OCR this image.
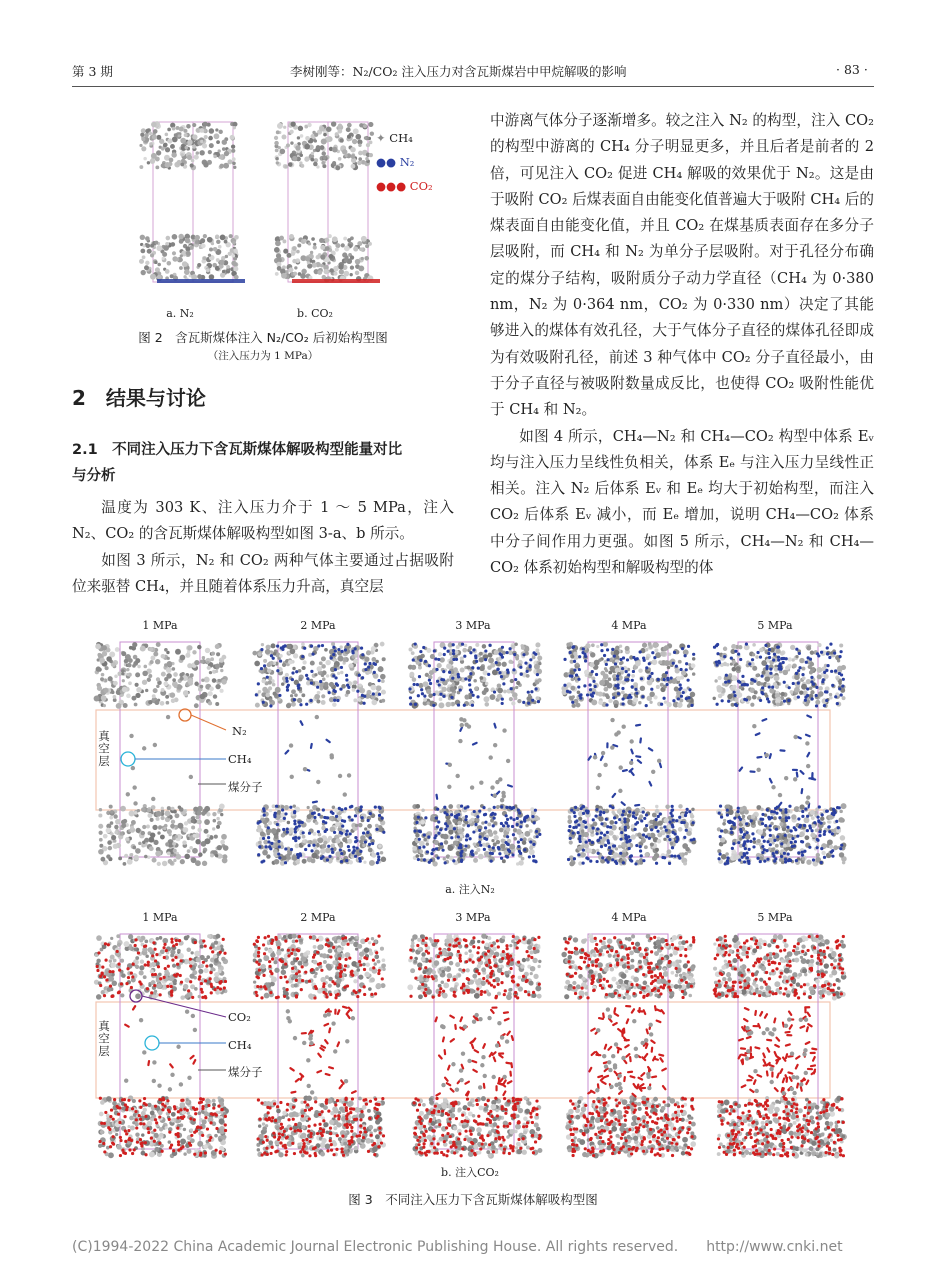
第 3 期	李树刚等：N₂/CO₂ 注入压力对含瓦斯煤岩中甲烷解吸的影响	· 83 ·
✦ CH₄
●● N₂
●●● CO₂
a. N₂	b. CO₂
图 2　含瓦斯煤体注入 N₂/CO₂ 后初始构型图
（注入压力为 1 MPa）
2　结果与讨论
2.1　不同注入压力下含瓦斯煤体解吸构型能量对比
与分析

温度为 303 K、注入压力介于 1 ～ 5 MPa，注入 N₂、CO₂ 的含瓦斯煤体解吸构型如图 3-a、b 所示。

如图 3 所示，N₂ 和 CO₂ 两种气体主要通过占据吸附位来驱替 CH₄，并且随着体系压力升高，真空层

中游离气体分子逐渐增多。较之注入 N₂ 的构型，注入 CO₂ 的构型中游离的 CH₄ 分子明显更多，并且后者是前者的 2 倍，可见注入 CO₂ 促进 CH₄ 解吸的效果优于 N₂。这是由于吸附 CO₂ 后煤表面自由能变化值普遍大于吸附 CH₄ 后的煤表面自由能变化值，并且 CO₂ 在煤基质表面存在多分子层吸附，而 CH₄ 和 N₂ 为单分子层吸附。对于孔径分布确定的煤分子结构，吸附质分子动力学直径（CH₄ 为 0·380 nm，N₂ 为 0·364 nm，CO₂ 为 0·330 nm）决定了其能够进入的煤体有效孔径，大于气体分子直径的煤体孔径即成为有效吸附孔径，前述 3 种气体中 CO₂ 分子直径最小，由于分子直径与被吸附数量成反比，也使得 CO₂ 吸附性能优于 CH₄ 和 N₂。

如图 4 所示，CH₄—N₂ 和 CH₄—CO₂ 构型中体系 Eᵥ 均与注入压力呈线性负相关，体系 Eₑ 与注入压力呈线性正相关。注入 N₂ 后体系 Eᵥ 和 Eₑ 均大于初始构型，而注入 CO₂ 后体系 Eᵥ 减小，而 Eₑ 增加，说明 CH₄—CO₂ 体系中分子间作用力更强。如图 5 所示，CH₄—N₂ 和 CH₄—CO₂ 体系初始构型和解吸构型的体

1 MPa	2 MPa	3 MPa	4 MPa	5 MPa
真空层	N₂
CH₄
煤分子
a. 注入N₂
1 MPa	2 MPa	3 MPa	4 MPa	5 MPa
真空层
CO₂
CH₄
煤分子
b. 注入CO₂
图 3　不同注入压力下含瓦斯煤体解吸构型图
(C)1994-2022 China Academic Journal Electronic Publishing House. All rights reserved.　　http://www.cnki.net
